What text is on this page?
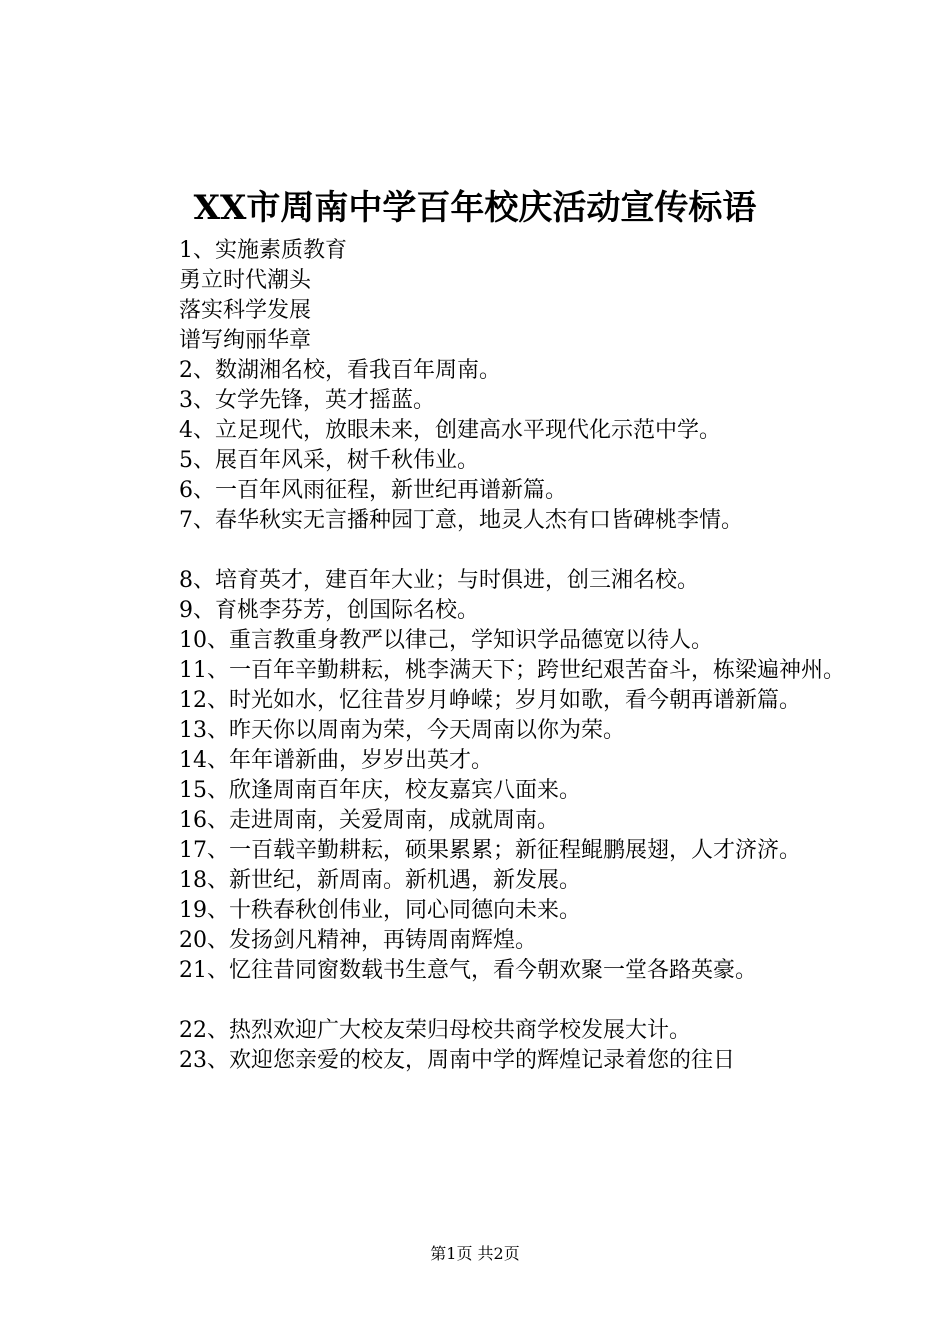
XX市周南中学百年校庆活动宣传标语
1、实施素质教育
勇立时代潮头
落实科学发展
谱写绚丽华章
2、数湖湘名校，看我百年周南。
3、女学先锋，英才摇蓝。
4、立足现代，放眼未来，创建高水平现代化示范中学。
5、展百年风采，树千秋伟业。
6、一百年风雨征程，新世纪再谱新篇。
7、春华秋实无言播种园丁意，地灵人杰有口皆碑桃李情。
8、培育英才，建百年大业；与时俱进，创三湘名校。
9、育桃李芬芳，创国际名校。
10、重言教重身教严以律己，学知识学品德宽以待人。
11、一百年辛勤耕耘，桃李满天下；跨世纪艰苦奋斗，栋梁遍神州。
12、时光如水，忆往昔岁月峥嵘；岁月如歌，看今朝再谱新篇。
13、昨天你以周南为荣，今天周南以你为荣。
14、年年谱新曲，岁岁出英才。
15、欣逢周南百年庆，校友嘉宾八面来。
16、走进周南，关爱周南，成就周南。
17、一百载辛勤耕耘，硕果累累；新征程鲲鹏展翅，人才济济。
18、新世纪，新周南。新机遇，新发展。
19、十秩春秋创伟业，同心同德向未来。
20、发扬剑凡精神，再铸周南辉煌。
21、忆往昔同窗数载书生意气，看今朝欢聚一堂各路英豪。
22、热烈欢迎广大校友荣归母校共商学校发展大计。
23、欢迎您亲爱的校友，周南中学的辉煌记录着您的往日
第1页 共2页
